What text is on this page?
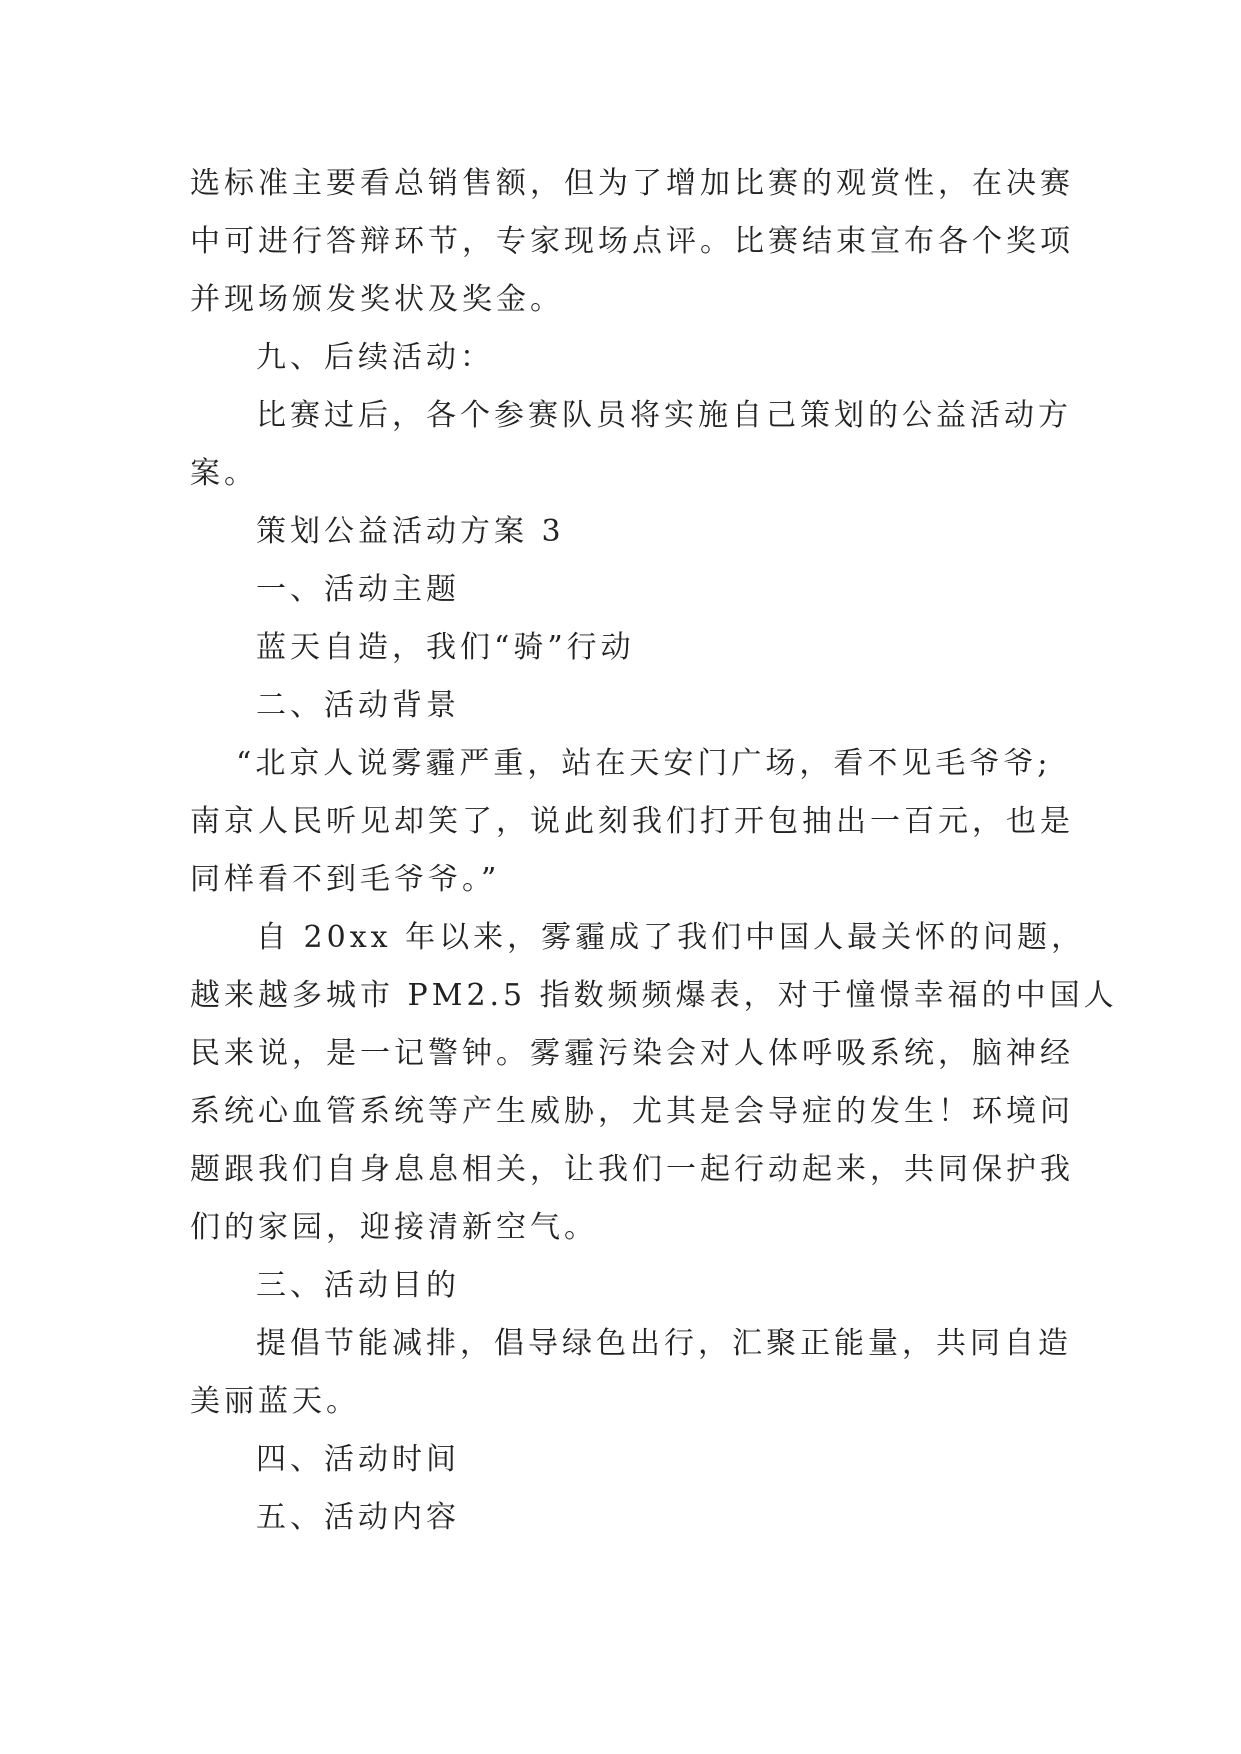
选标准主要看总销售额，但为了增加比赛的观赏性，在决赛
中可进行答辩环节，专家现场点评。比赛结束宣布各个奖项
并现场颁发奖状及奖金。
九、后续活动：
比赛过后，各个参赛队员将实施自己策划的公益活动方
案。
策划公益活动方案 3
一、活动主题
蓝天自造，我们“骑”行动
二、活动背景
“北京人说雾霾严重，站在天安门广场，看不见毛爷爷;
南京人民听见却笑了，说此刻我们打开包抽出一百元，也是
同样看不到毛爷爷。”
自 20xx 年以来，雾霾成了我们中国人最关怀的问题，
越来越多城市 PM2.5 指数频频爆表，对于憧憬幸福的中国人
民来说，是一记警钟。雾霾污染会对人体呼吸系统，脑神经
系统心血管系统等产生威胁，尤其是会导症的发生！环境问
题跟我们自身息息相关，让我们一起行动起来，共同保护我
们的家园，迎接清新空气。
三、活动目的
提倡节能减排，倡导绿色出行，汇聚正能量，共同自造
美丽蓝天。
四、活动时间
五、活动内容
